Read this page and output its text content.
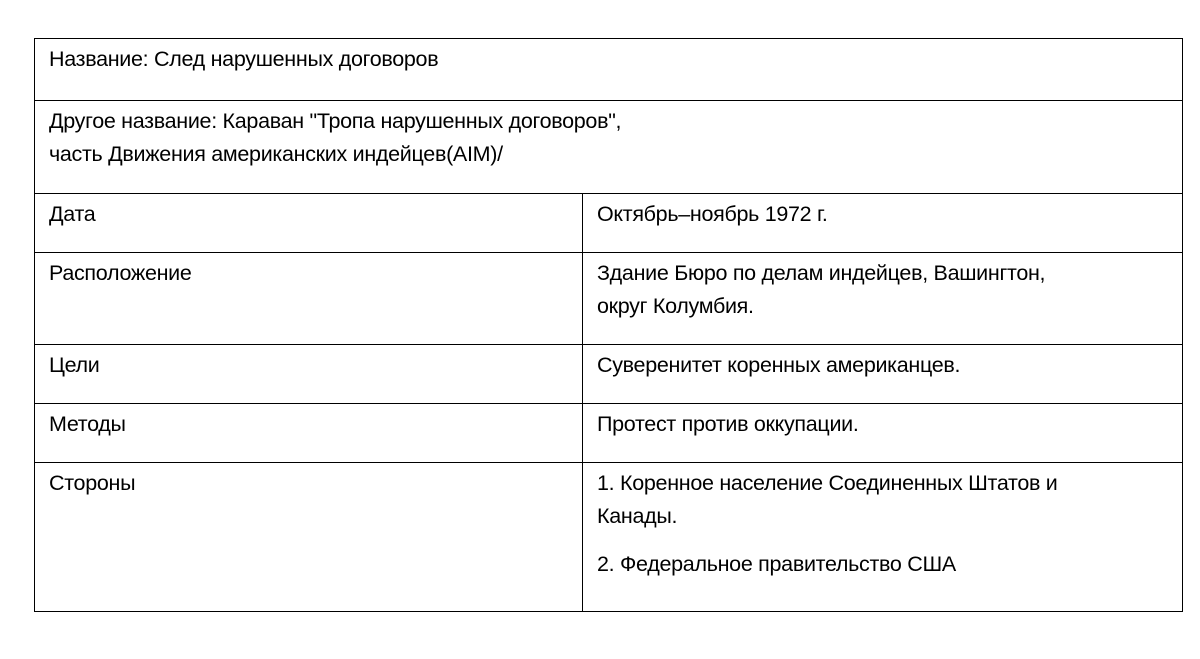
Название: След нарушенных договоров	

Другое название: Караван "Тропа нарушенных договоров",
часть Движения американских индейцев(AIM)/	

Дата	Октябрь–ноябрь 1972 г.

Расположение	Здание Бюро по делам индейцев, Вашингтон,
округ Колумбия.

Цели	Суверенитет коренных американцев.

Методы	Протест против оккупации.

Стороны	1. Коренное население Соединенных Штатов и
Канады.
2. Федеральное правительство США
